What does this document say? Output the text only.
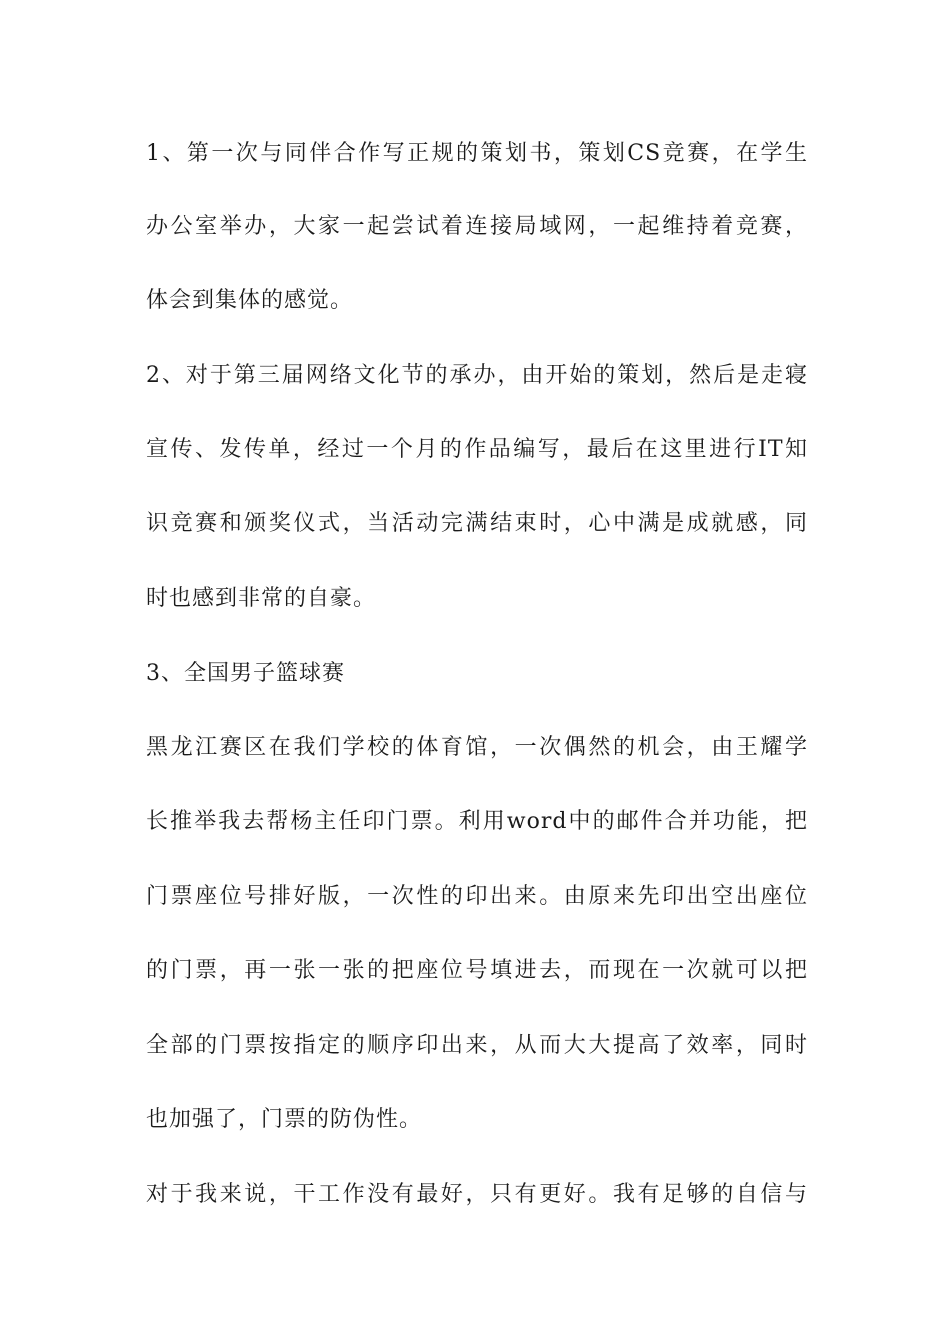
1、第一次与同伴合作写正规的策划书，策划CS竞赛，在学生
办公室举办，大家一起尝试着连接局域网，一起维持着竞赛，
体会到集体的感觉。
2、对于第三届网络文化节的承办，由开始的策划，然后是走寝
宣传、发传单，经过一个月的作品编写，最后在这里进行IT知
识竞赛和颁奖仪式，当活动完满结束时，心中满是成就感，同
时也感到非常的自豪。
3、全国男子篮球赛
黑龙江赛区在我们学校的体育馆，一次偶然的机会，由王耀学
长推举我去帮杨主任印门票。利用word中的邮件合并功能，把
门票座位号排好版，一次性的印出来。由原来先印出空出座位
的门票，再一张一张的把座位号填进去，而现在一次就可以把
全部的门票按指定的顺序印出来，从而大大提高了效率，同时
也加强了，门票的防伪性。
对于我来说，干工作没有最好，只有更好。我有足够的自信与
